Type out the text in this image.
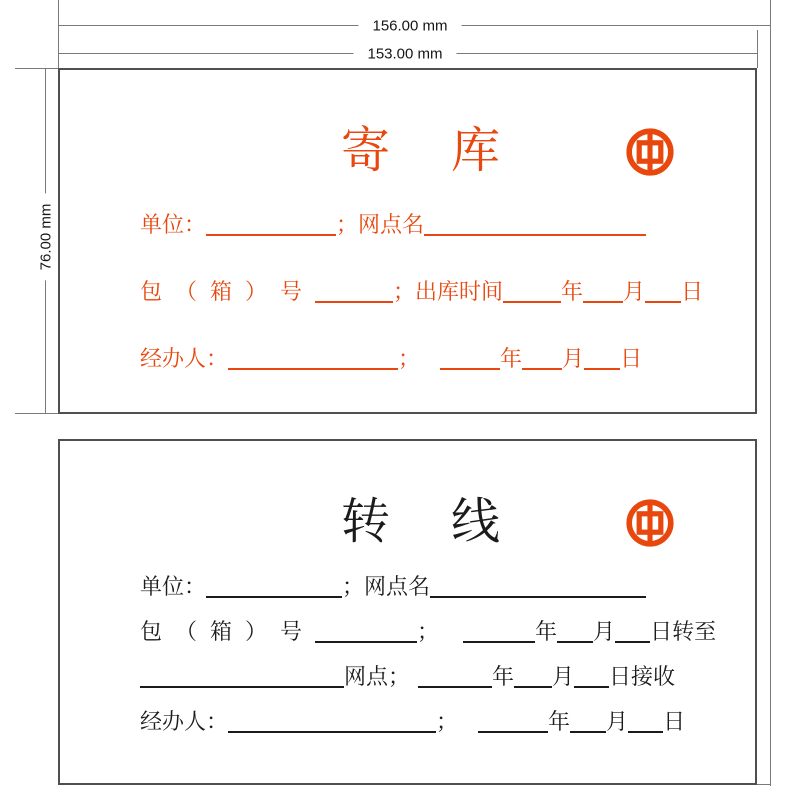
156.00 mm
153.00 mm
76.00 mm
寄　库
单位：	；网点名
包（箱）号	；出库时间	年 月 日
经办人：	；	年 月 日
转　线
单位：	；网点名
包（箱）号	；	年 月 日转至
网点；	年 月 日接收
经办人：	；	年 月 日
